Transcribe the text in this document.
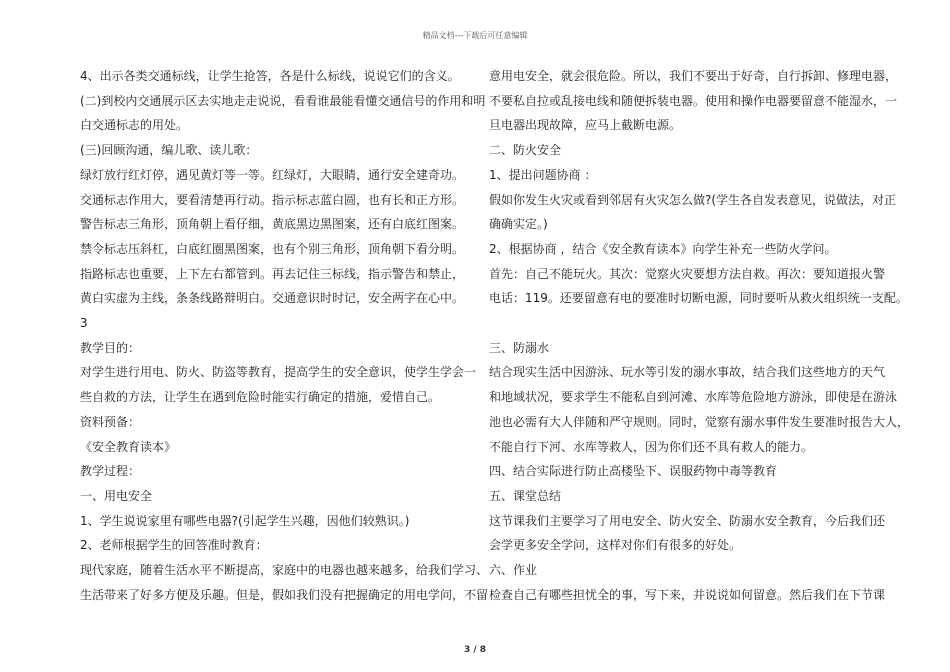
精品文档---下载后可任意编辑

4、出示各类交通标线，让学生抢答，各是什么标线，说说它们的含义。

(二)到校内交通展示区去实地走走说说，看看谁最能看懂交通信号的作用和明

白交通标志的用处。

(三)回顾沟通，编儿歌、读儿歌：

绿灯放行红灯停，遇见黄灯等一等。红绿灯，大眼睛，通行安全建奇功。

交通标志作用大，要看清楚再行动。指示标志蓝白圆，也有长和正方形。

警告标志三角形，顶角朝上看仔细，黄底黑边黑图案，还有白底红图案。

禁令标志压斜杠，白底红圈黑图案，也有个别三角形，顶角朝下看分明。

指路标志也重要，上下左右都管到。再去记住三标线，指示警告和禁止，

黄白实虚为主线，条条线路辩明白。交通意识时时记，安全两字在心中。

3

教学目的：

对学生进行用电、防火、防盗等教育，提高学生的安全意识，使学生学会一

些自救的方法，让学生在遇到危险时能实行确定的措施，爱惜自己。

资料预备：

《安全教育读本》

教学过程：

一、用电安全

1、学生说说家里有哪些电器?(引起学生兴趣，因他们较熟识。)

2、老师根据学生的回答准时教育：

现代家庭，随着生活水平不断提高，家庭中的电器也越来越多，给我们学习、

生活带来了好多方便及乐趣。但是，假如我们没有把握确定的用电学问，不留

意用电安全，就会很危险。所以，我们不要出于好奇，自行拆卸、修理电器，

不要私自拉或乱接电线和随便拆装电器。使用和操作电器要留意不能湿水，一

旦电器出现故障，应马上截断电源。

二、防火安全

1、提出问题协商 ：

假如你发生火灾或看到邻居有火灾怎么做?(学生各自发表意见，说做法，对正

确确实定。)

2、根据协商 ，结合《安全教育读本》向学生补充一些防火学问。

首先：自己不能玩火。其次：觉察火灾要想方法自救。再次：要知道报火警

电话：119。还要留意有电的要准时切断电源，同时要听从救火组织统一支配。

三、防溺水

结合现实生活中因游泳、玩水等引发的溺水事故，结合我们这些地方的天气

和地域状况，要求学生不能私自到河滩、水库等危险地方游泳，即使是在游泳

池也必需有大人伴随和严守规则。同时，觉察有溺水事件发生要准时报告大人，

不能自行下河、水库等救人，因为你们还不具有救人的能力。

四、结合实际进行防止高楼坠下、误服药物中毒等教育

五、课堂总结

这节课我们主要学习了用电安全、防火安全、防溺水安全教育，今后我们还

会学更多安全学问，这样对你们有很多的好处。

六、作业

检查自己有哪些担忧全的事，写下来，并说说如何留意。然后我们在下节课

3 / 8
